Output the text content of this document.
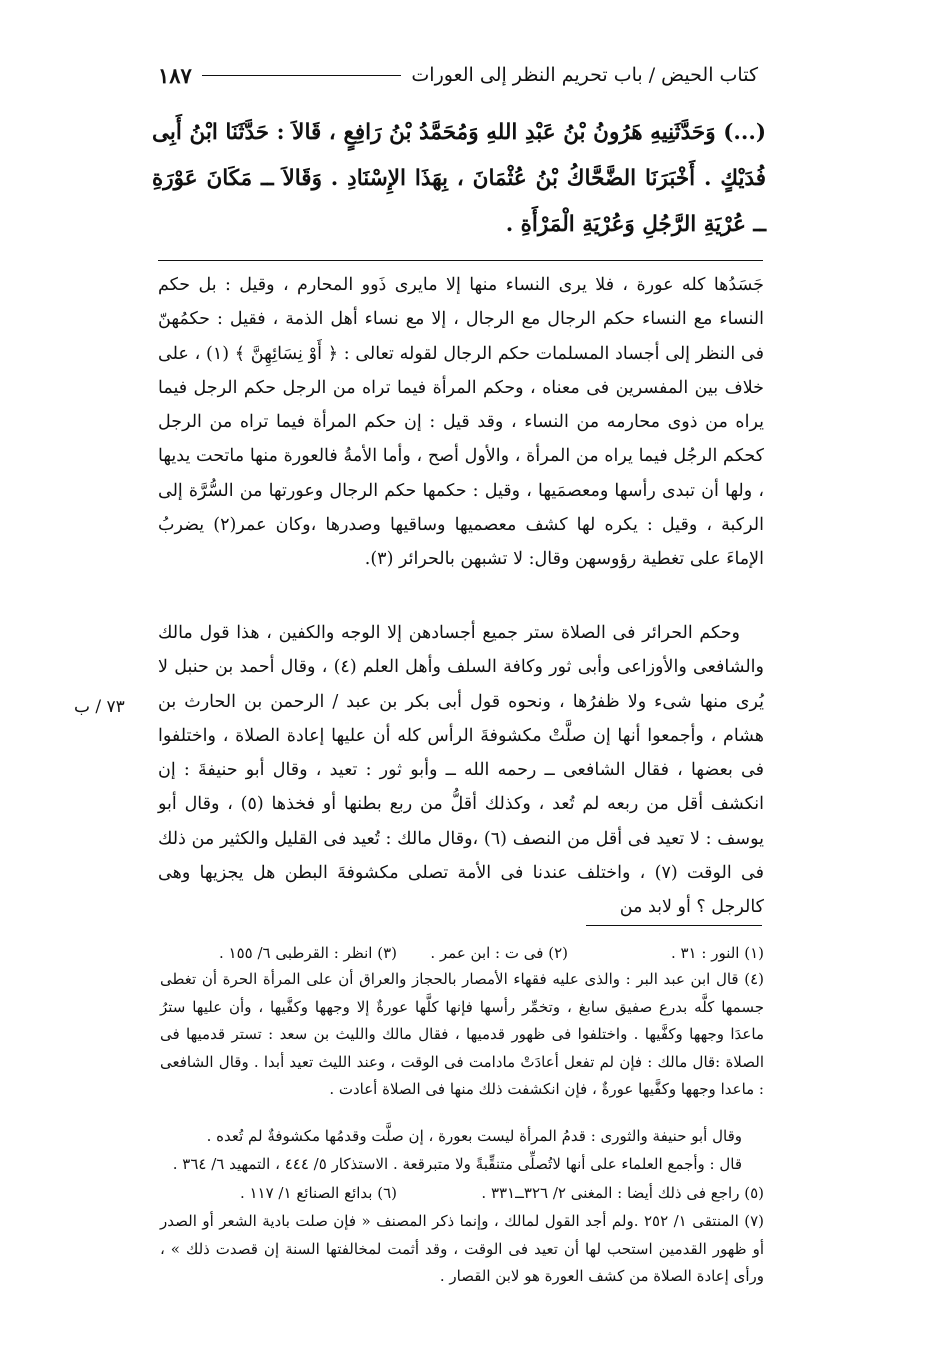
كتاب الحيض / باب تحريم النظر إلى العورات
١٨٧

(...) وَحَدَّثَنِيهِ هَرُونُ بْنُ عَبْدِ اللهِ وَمُحَمَّدُ بْنُ رَافِعٍ ، قَالاَ : حَدَّثَنَا ابْنُ أَبِى فُدَيْكٍ . أَخْبَرَنَا الضَّحَّاكُ بْنُ عُثْمَانَ ، بِهَذَا الإِسْنَادِ . وَقَالاَ ــ مَكَانَ عَوْرَةِ ــ عُرْيَةِ الرَّجُلِ وَعُرْيَةِ الْمَرْأَةِ .

جَسَدُها كله عورة ، فلا يرى النساء منها إلا مايرى ذَوو المحارم ، وقيل : بل حكم النساء مع النساء حكم الرجال مع الرجال ، إلا مع نساء أهل الذمة ، فقيل : حكمُهنّ فى النظر إلى أجساد المسلمات حكم الرجال لقوله تعالى : ﴿ أَوْ نِسَائِهِنَّ ﴾ (١) ، على خلاف بين المفسرين فى معناه ، وحكم المرأة فيما تراه من الرجل حكم الرجل فيما يراه من ذوى محارمه من النساء ، وقد قيل : إن حكم المرأة فيما تراه من الرجل كحكم الرجُل فيما يراه من المرأة ، والأول أصح ، وأما الأمةُ فالعورة منها ماتحت يديها ، ولها أن تبدى رأسها ومعصمَيها ، وقيل : حكمها حكم الرجال وعورتها من السُّرَّة إلى الركبة ، وقيل : يكره لها كشف معصميها وساقيها وصدرها ،وكان عمر(٢) يضربُ الإماءَ على تغطية رؤوسهن وقال: لا تشبهن بالحرائر (٣).

وحكم الحرائر فى الصلاة ستر جميع أجسادهن إلا الوجه والكفين ، هذا قول مالك والشافعى والأوزاعى وأبى ثور وكافة السلف وأهل العلم (٤) ، وقال أحمد بن حنبل لا يُرى منها شىء ولا ظفرُها ، ونحوه قول أبى بكر بن عبد / الرحمن بن الحارث بن هشام ، وأجمعوا أنها إن صلَّتْ مكشوفةَ الرأس كله أن عليها إعادة الصلاة ، واختلفوا فى بعضها ، فقال الشافعى ــ رحمه الله ــ وأبو ثور : تعيد ، وقال أبو حنيفةَ : إن انكشف أقل من ربعه لم تُعد ، وكذلك أقلُّ من ربع بطنها أو فخذها (٥) ، وقال أبو يوسف : لا تعيد فى أقل من النصف (٦) ،وقال مالك : تُعيد فى القليل والكثير من ذلك فى الوقت (٧) ، واختلف عندنا فى الأمة تصلى مكشوفةَ البطن هل يجزيها وهى كالرجل ؟ أو لابد من

٧٣ / ب
(١) النور : ٣١ .
(٢) فى ت : ابن عمر .
(٣) انظر : القرطبى ٦/ ١٥٥ .

(٤) قال ابن عبد البر : والذى عليه فقهاء الأمصار بالحجاز والعراق أن على المرأة الحرة أن تغطى جسمها كلَّه بدرع صفيق سابغ ، وتخمِّر رأسها فإنها كلَّها عورةٌ إلا وجهها وكفَّيها ، وأن عليها سترُ ماعدَا وجهها وكفَّيها . واختلفوا فى ظهور قدميها ، فقال مالك والليث بن سعد : تستر قدميها فى الصلاة :قال مالك : فإن لم تفعل أعادَتْ مادامت فى الوقت ، وعند الليث تعيد أبدا . وقال الشافعى : ماعدا وجهها وكفَّيها عورةٌ ، فإن انكشفت ذلك منها فى الصلاة أعادت .

وقال أبو حنيفة والثورى : قدمُ المرأة ليست بعورة ، إن صلَّت وقدمُها مكشوفةٌ لم تُعده .

قال : وأجمع العلماء على أنها لاتُصلِّى متنقِّبةً ولا متبرقعة . الاستذكار ٥/ ٤٤٤ ، التمهيد ٦/ ٣٦٤ .

(٥) راجع فى ذلك أيضا : المغنى ٢/ ٣٢٦ــ٣٣١ .
(٦) بدائع الصنائع ١/ ١١٧ .

(٧) المنتقى ١/ ٢٥٢ .ولم أجد القول لمالك ، وإنما ذكر المصنف « فإن صلت بادية الشعر أو الصدر أو ظهور القدمين استحب لها أن تعيد فى الوقت ، وقد أثمت لمخالفتها السنة إن قصدت ذلك » ، ورأى إعادة الصلاة من كشف العورة هو لابن القصار .
